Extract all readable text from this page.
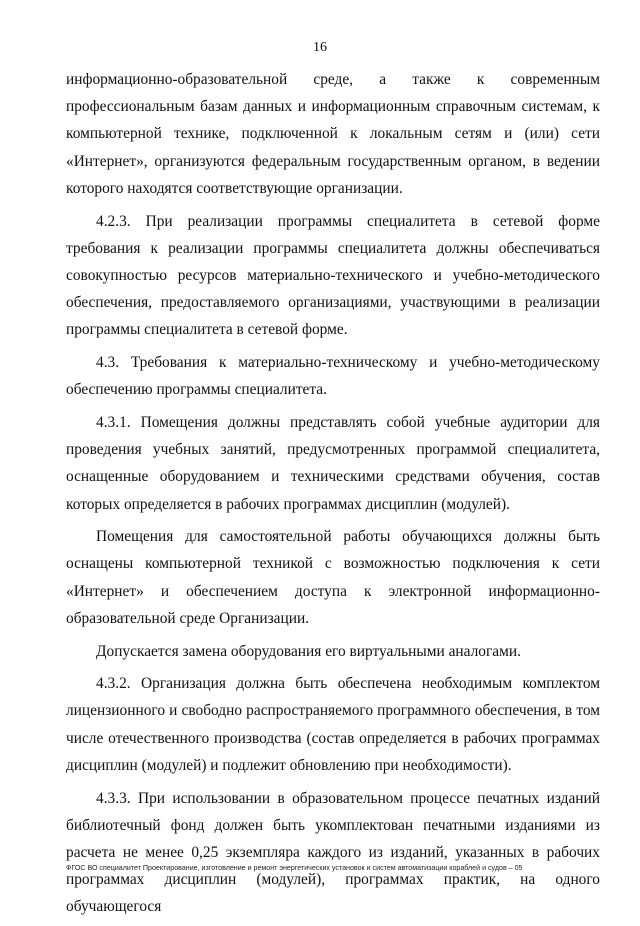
16

информационно-образовательной среде, а также к современным профессиональным базам данных и информационным справочным системам, к компьютерной технике, подключенной к локальным сетям и (или) сети «Интернет», организуются федеральным государственным органом, в ведении которого находятся соответствующие организации.

4.2.3. При реализации программы специалитета в сетевой форме требования к реализации программы специалитета должны обеспечиваться совокупностью ресурсов материально-технического и учебно-методического обеспечения, предоставляемого организациями, участвующими в реализации программы специалитета в сетевой форме.

4.3. Требования к материально-техническому и учебно-методическому обеспечению программы специалитета.

4.3.1. Помещения должны представлять собой учебные аудитории для проведения учебных занятий, предусмотренных программой специалитета, оснащенные оборудованием и техническими средствами обучения, состав которых определяется в рабочих программах дисциплин (модулей).

Помещения для самостоятельной работы обучающихся должны быть оснащены компьютерной техникой с возможностью подключения к сети «Интернет» и обеспечением доступа к электронной информационно-образовательной среде Организации.

Допускается замена оборудования его виртуальными аналогами.

4.3.2. Организация должна быть обеспечена необходимым комплектом лицензионного и свободно распространяемого программного обеспечения, в том числе отечественного производства (состав определяется в рабочих программах дисциплин (модулей) и подлежит обновлению при необходимости).

4.3.3. При использовании в образовательном процессе печатных изданий библиотечный фонд должен быть укомплектован печатными изданиями из расчета не менее 0,25 экземпляра каждого из изданий, указанных в рабочих программах дисциплин (модулей), программах практик, на одного обучающегося

ФГОС ВО специалитет Проектирование, изготовление и ремонт энергетических установок и систем автоматизации кораблей и судов – 05
